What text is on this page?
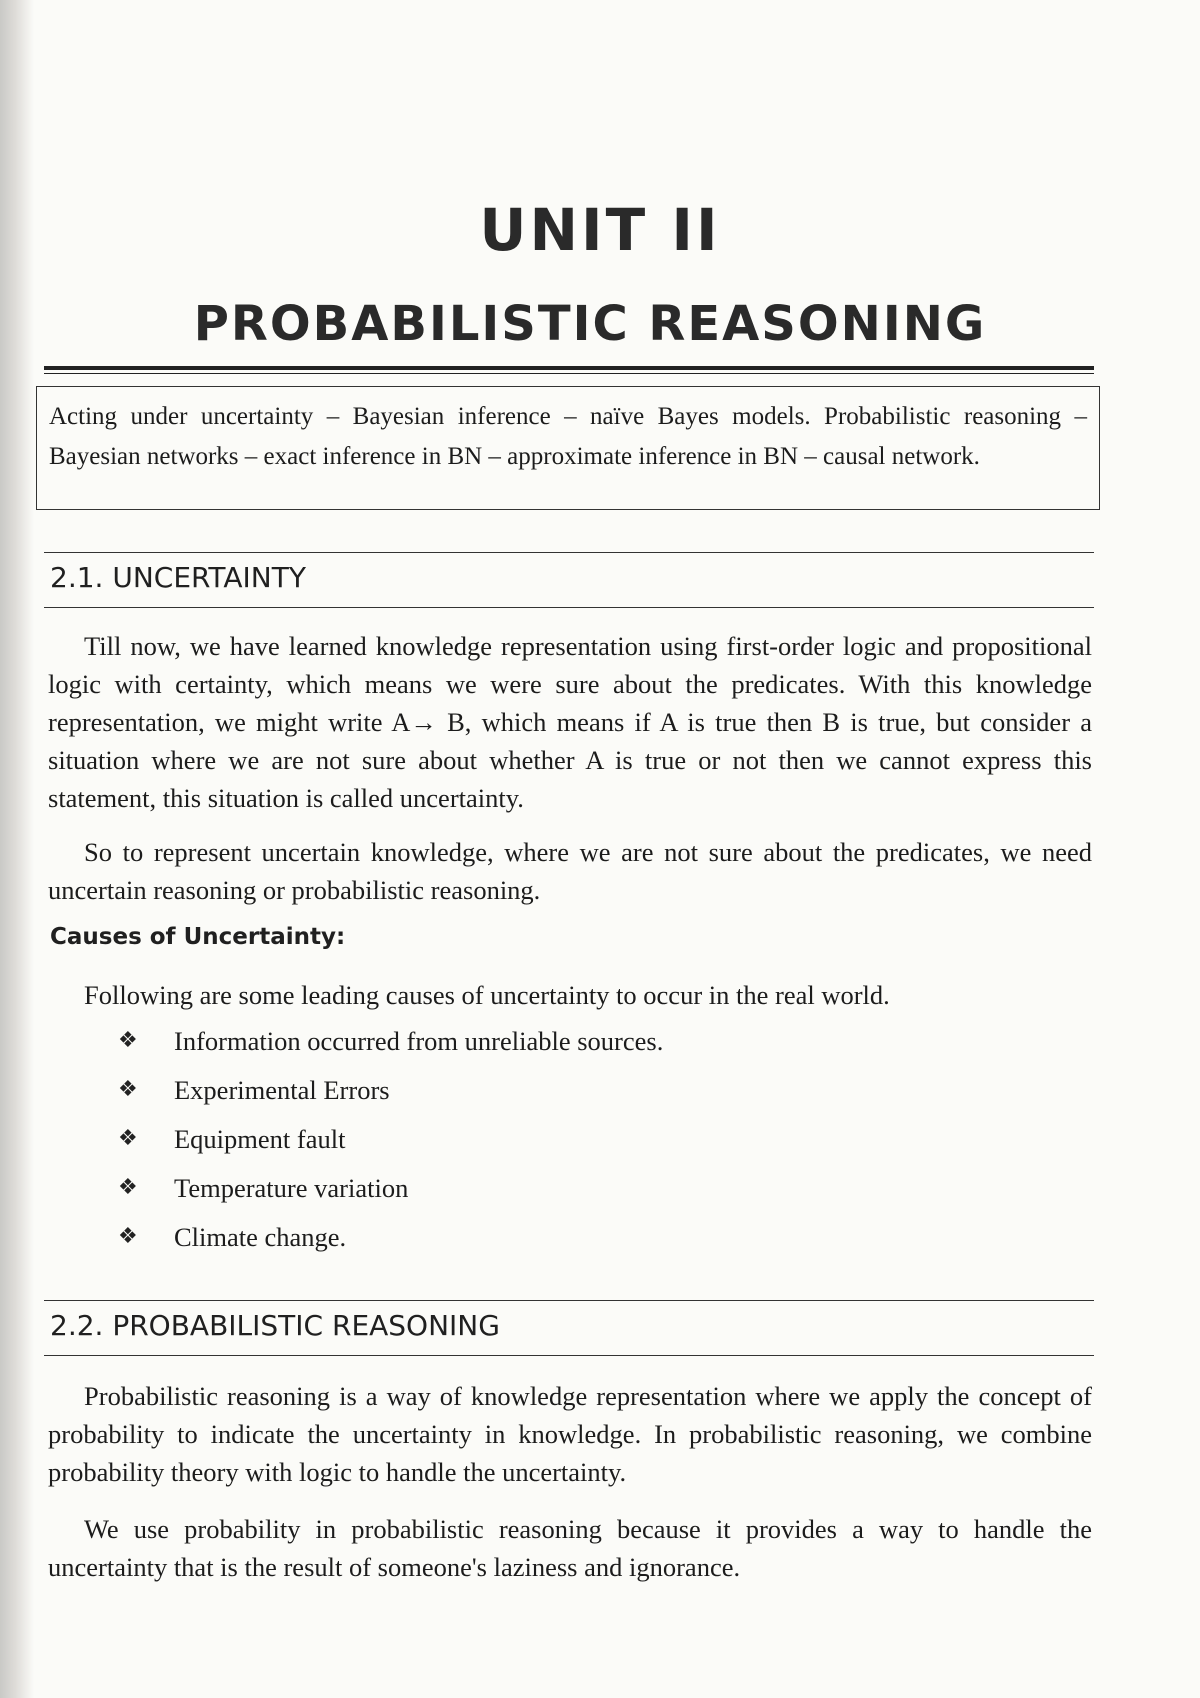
UNIT II
PROBABILISTIC REASONING
Acting under uncertainty – Bayesian inference – naïve Bayes models. Probabilistic reasoning – Bayesian networks – exact inference in BN – approximate inference in BN – causal network.
2.1. UNCERTAINTY

Till now, we have learned knowledge representation using first-order logic and propositional logic with certainty, which means we were sure about the predicates. With this knowledge representation, we might write A→ B, which means if A is true then B is true, but consider a situation where we are not sure about whether A is true or not then we cannot express this statement, this situation is called uncertainty.

So to represent uncertain knowledge, where we are not sure about the predicates, we need uncertain reasoning or probabilistic reasoning.

Causes of Uncertainty:

Following are some leading causes of uncertainty to occur in the real world.

❖	Information occurred from unreliable sources.
❖	Experimental Errors
❖	Equipment fault
❖	Temperature variation
❖	Climate change.
2.2. PROBABILISTIC REASONING

Probabilistic reasoning is a way of knowledge representation where we apply the concept of probability to indicate the uncertainty in knowledge. In probabilistic reasoning, we combine probability theory with logic to handle the uncertainty.

We use probability in probabilistic reasoning because it provides a way to handle the uncertainty that is the result of someone's laziness and ignorance.
